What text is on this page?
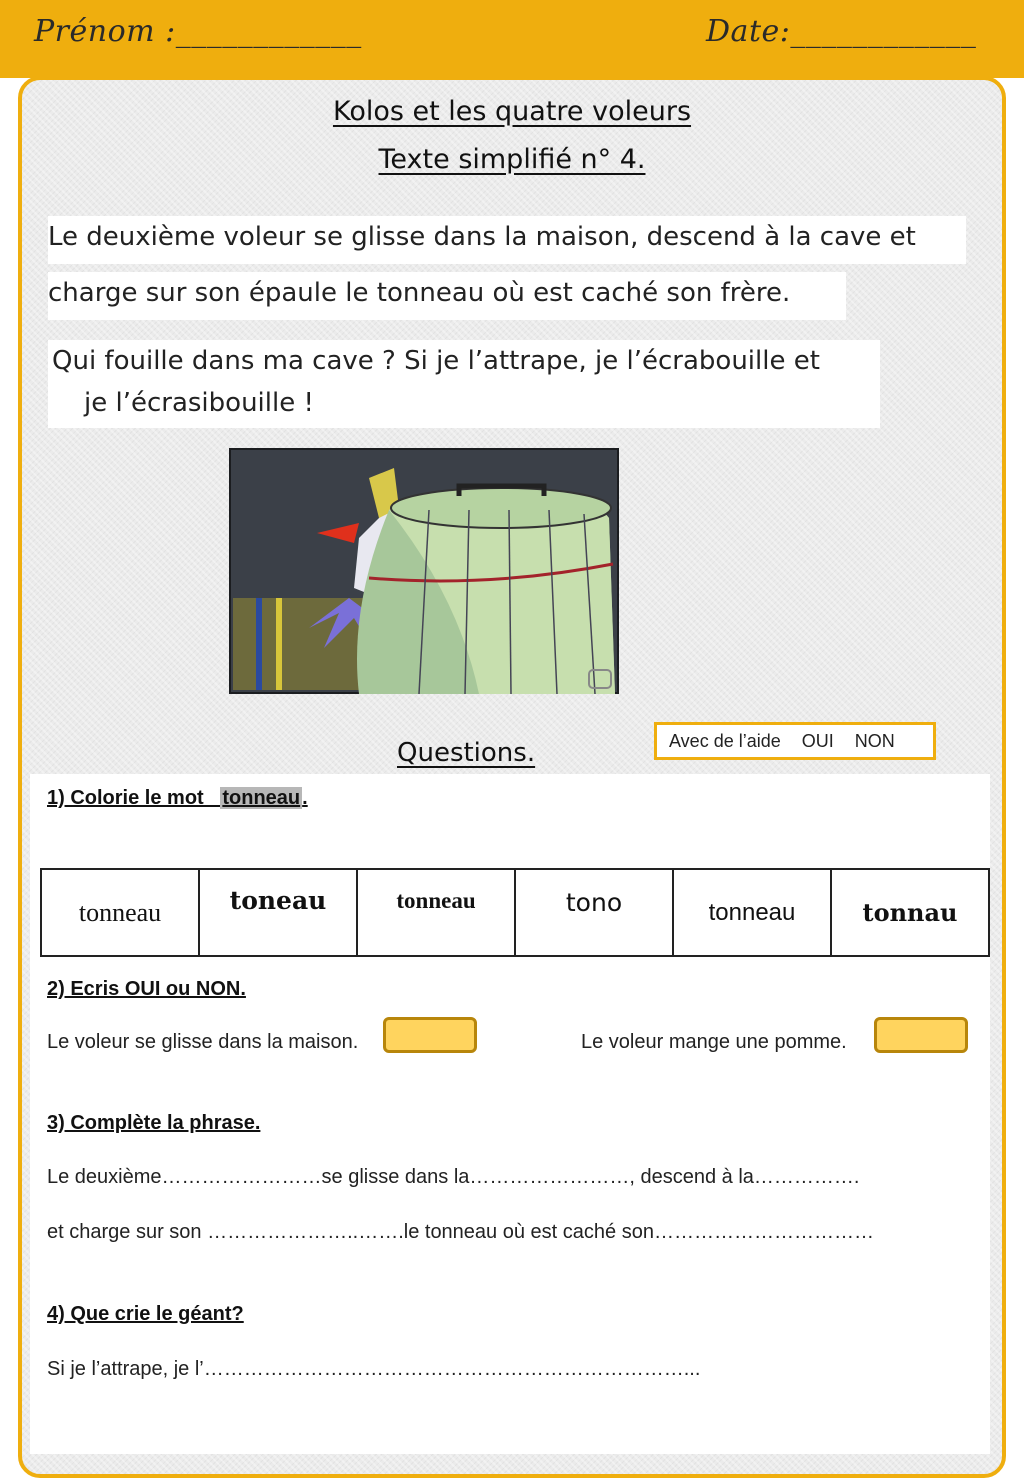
Prénom :____________	Date:____________
Kolos et les quatre voleurs
Texte simplifié n° 4.
Le deuxième voleur se glisse dans la maison, descend à la cave et
charge sur son épaule le tonneau où est caché son frère.
Qui fouille dans ma cave ? Si je l’attrape, je l’écrabouille et
je l’écrasibouille !
Avec de l’aide OUI NON
Questions.
1) Colorie le mot   tonneau .
tonneau	toneau	tonneau	tono	tonneau	tonnau
2) Ecris OUI ou NON.
Le voleur se glisse dans la maison.	Le voleur mange une pomme.
3) Complète la phrase.
Le deuxième……………………se glisse dans la……………………, descend à la…………….
et charge sur son …………………..…….le tonneau où est caché son……………………………
4) Que crie le géant?
Si je l’attrape, je l’………………………………………………………………...
